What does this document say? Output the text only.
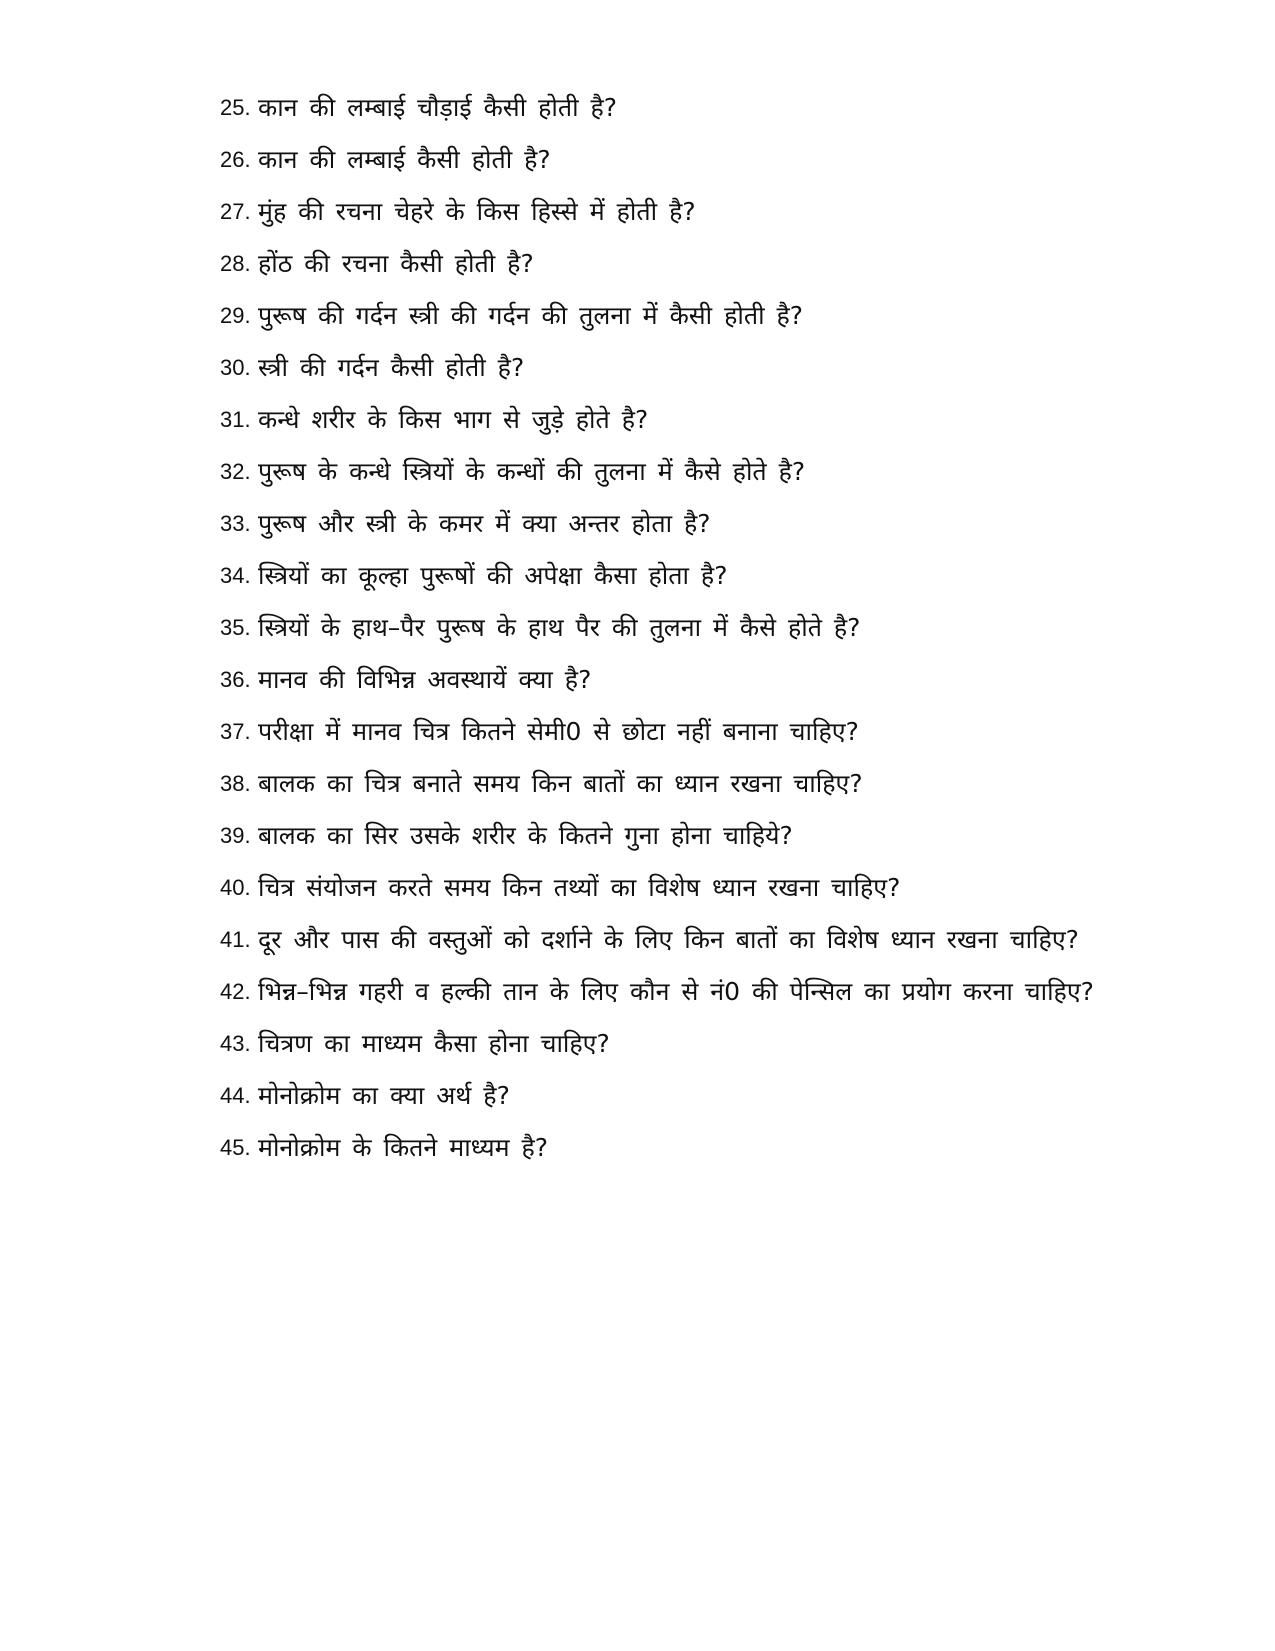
25. कान की लम्बाई चौड़ाई कैसी होती है?
26. कान की लम्बाई कैसी होती है?
27. मुंह की रचना चेहरे के किस हिस्से में होती है?
28. होंठ की रचना कैसी होती है?
29. पुरूष की गर्दन स्त्री की गर्दन की तुलना में कैसी होती है?
30. स्त्री की गर्दन कैसी होती है?
31. कन्धे शरीर के किस भाग से जुड़े होते है?
32. पुरूष के कन्धे स्त्रियों के कन्धों की तुलना में कैसे होते है?
33. पुरूष और स्त्री के कमर में क्या अन्तर होता है?
34. स्त्रियों का कूल्हा पुरूषों की अपेक्षा कैसा होता है?
35. स्त्रियों के हाथ–पैर पुरूष के हाथ पैर की तुलना में कैसे होते है?
36. मानव की विभिन्न अवस्थायें क्या है?
37. परीक्षा में मानव चित्र कितने सेमी0 से छोटा नहीं बनाना चाहिए?
38. बालक का चित्र बनाते समय किन बातों का ध्यान रखना चाहिए?
39. बालक का सिर उसके शरीर के कितने गुना होना चाहिये?
40. चित्र संयोजन करते समय किन तथ्यों का विशेष ध्यान रखना चाहिए?
41. दूर और पास की वस्तुओं को दर्शाने के लिए किन बातों का विशेष ध्यान रखना चाहिए?
42. भिन्न–भिन्न गहरी व हल्की तान के लिए कौन से नं0 की पेन्सिल का प्रयोग करना चाहिए?
43. चित्रण का माध्यम कैसा होना चाहिए?
44. मोनोक्रोम का क्या अर्थ है?
45. मोनोक्रोम के कितने माध्यम है?
